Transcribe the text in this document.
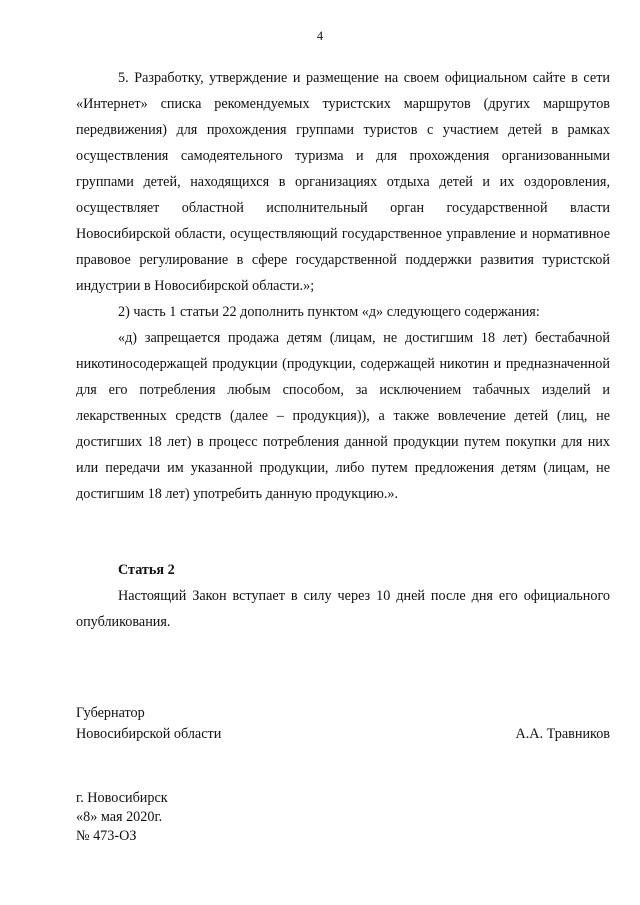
4

5. Разработку, утверждение и размещение на своем официальном сайте в сети «Интернет» списка рекомендуемых туристских маршрутов (других маршрутов передвижения) для прохождения группами туристов с участием детей в рамках осуществления самодеятельного туризма и для прохождения организованными группами детей, находящихся в организациях отдыха детей и их оздоровления, осуществляет областной исполнительный орган государственной власти Новосибирской области, осуществляющий государственное управление и нормативное правовое регулирование в сфере государственной поддержки развития туристской индустрии в Новосибирской области.»;

2) часть 1 статьи 22 дополнить пунктом «д» следующего содержания:

«д) запрещается продажа детям (лицам, не достигшим 18 лет) бестабачной никотиносодержащей продукции (продукции, содержащей никотин и предназначенной для его потребления любым способом, за исключением табачных изделий и лекарственных средств (далее – продукция)), а также вовлечение детей (лиц, не достигших 18 лет) в процесс потребления данной продукции путем покупки для них или передачи им указанной продукции, либо путем предложения детям (лицам, не достигшим 18 лет) употребить данную продукцию.».

Статья 2

Настоящий Закон вступает в силу через 10 дней после дня его официального опубликования.

Губернатор
Новосибирской области	А.А. Травников
г. Новосибирск
«8» мая 2020г.
№ 473-ОЗ
